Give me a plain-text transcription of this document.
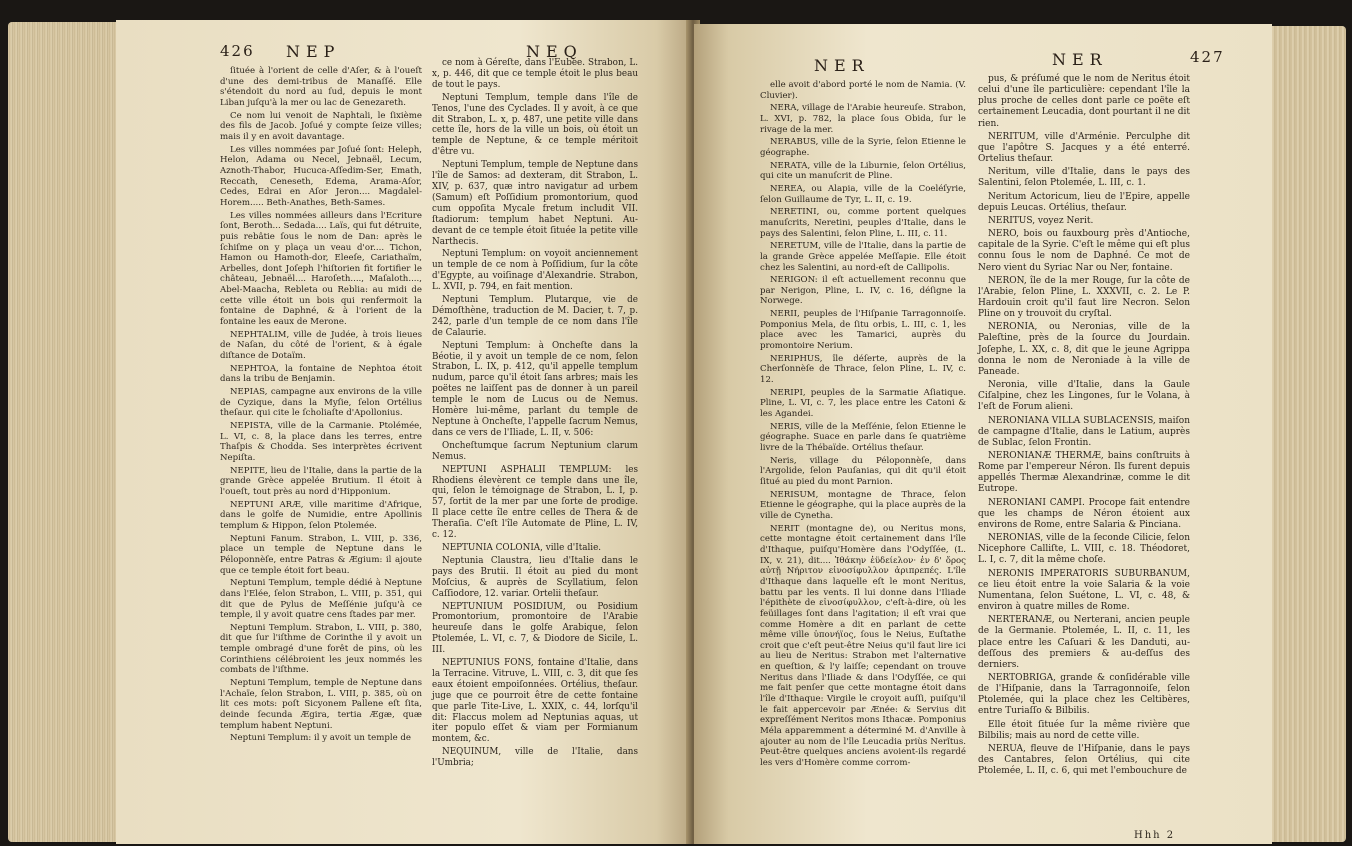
426 NEP	NEQ

ſituée à l'orient de celle d'Aſer, & à l'oueſt d'une des demi-tribus de Manaſſé. Elle s'étendoit du nord au ſud, depuis le mont Liban juſqu'à la mer ou lac de Genezareth.

Ce nom lui venoit de Naphtali, le ſixième des fils de Jacob. Joſué y compte ſeize villes; mais il y en avoit davantage.

Les villes nommées par Joſué ſont: Heleph, Helon, Adama ou Necel, Jebnaël, Lecum, Aznoth-Thabor, Hucuca-Aſſedim-Ser, Emath, Reccath, Ceneseth, Edema, Arama-Aſor, Cedes, Edrai en Aſor Jeron.... Magdalel-Horem..... Beth-Anathes, Beth-Sames.

Les villes nommées ailleurs dans l'Ecriture ſont, Beroth... Sedada.... Laïs, qui fut détruite, puis rebâtie ſous le nom de Dan: après le ſchiſme on y plaça un veau d'or.... Tichon, Hamon ou Hamoth-dor, Eleeſe, Cariathaïm, Arbelles, dont Joſeph l'hiſtorien fit fortifier le château, Jebnaël.... Haroſeth...., Maſaloth...., Abel-Maacha, Rebleta ou Reblia: au midi de cette ville étoit un bois qui renfermoit la fontaine de Daphné, & à l'orient de la fontaine les eaux de Merone.

NEPHTALIM, ville de Judée, à trois lieues de Naſan, du côté de l'orient, & à égale diſtance de Dotaïm.

NEPHTOA, la fontaine de Nephtoa étoit dans la tribu de Benjamin.

NEPIAS, campagne aux environs de la ville de Cyzique, dans la Myſie, ſelon Ortélius theſaur. qui cite le ſcholiaſte d'Apollonius.

NEPISTA, ville de la Carmanie. Ptolémée, L. VI, c. 8, la place dans les terres, entre Thaſpis & Chodda. Ses interprètes écrivent Nepiſta.

NEPITE, lieu de l'Italie, dans la partie de la grande Grèce appelée Brutium. Il étoit à l'oueſt, tout près au nord d'Hipponium.

NEPTUNI ARÆ, ville maritime d'Afrique, dans le golfe de Numidie, entre Apollinis templum & Hippon, ſelon Ptolemée.

Neptuni Fanum. Strabon, L. VIII, p. 336, place un temple de Neptune dans le Péloponnèſe, entre Patras & Ægium: il ajoute que ce temple étoit fort beau.

Neptuni Templum, temple dédié à Neptune dans l'Elée, ſelon Strabon, L. VIII, p. 351, qui dit que de Pylus de Meſſénie juſqu'à ce temple, il y avoit quatre cens ſtades par mer.

Neptuni Templum. Strabon, L. VIII, p. 380, dit que ſur l'iſthme de Corinthe il y avoit un temple ombragé d'une forêt de pins, où les Corinthiens célébroient les jeux nommés les combats de l'iſthme.

Neptuni Templum, temple de Neptune dans l'Achaïe, ſelon Strabon, L. VIII, p. 385, où on lit ces mots: poſt Sicyonem Pallene eſt ſita, deinde ſecunda Ægira, tertia Ægæ, quæ templum habent Neptuni.

Neptuni Templum: il y avoit un temple de

ce nom à Géreſte, dans l'Eubée. Strabon, L. x, p. 446, dit que ce temple étoit le plus beau de tout le pays.

Neptuni Templum, temple dans l'île de Tenos, l'une des Cyclades. Il y avoit, à ce que dit Strabon, L. x, p. 487, une petite ville dans cette île, hors de la ville un bois, où étoit un temple de Neptune, & ce temple méritoit d'être vu.

Neptuni Templum, temple de Neptune dans l'île de Samos: ad dexteram, dit Strabon, L. XIV, p. 637, quæ intro navigatur ad urbem (Samum) eſt Poſſidium promontorium, quod cum oppoſita Mycale fretum includit VII. ſtadiorum: templum habet Neptuni. Au-devant de ce temple étoit ſituée la petite ville Narthecis.

Neptuni Templum: on voyoit anciennement un temple de ce nom à Poſſidium, ſur la côte d'Egypte, au voiſinage d'Alexandrie. Strabon, L. XVII, p. 794, en fait mention.

Neptuni Templum. Plutarque, vie de Démoſthène, traduction de M. Dacier, t. 7, p. 242, parle d'un temple de ce nom dans l'île de Calaurie.

Neptuni Templum: à Oncheſte dans la Béotie, il y avoit un temple de ce nom, ſelon Strabon, L. IX, p. 412, qu'il appelle templum nudum, parce qu'il étoit ſans arbres; mais les poëtes ne laiſſent pas de donner à un pareil temple le nom de Lucus ou de Nemus. Homère lui-même, parlant du temple de Neptune à Oncheſte, l'appelle ſacrum Nemus, dans ce vers de l'Iliade, L. II, v. 506:

Oncheſtumque ſacrum Neptunium clarum Nemus.

NEPTUNI ASPHALII TEMPLUM: les Rhodiens élevèrent ce temple dans une île, qui, ſelon le témoignage de Strabon, L. I, p. 57, ſortit de la mer par une ſorte de prodige. Il place cette île entre celles de Thera & de Theraſia. C'eſt l'île Automate de Pline, L. IV, c. 12.

NEPTUNIA COLONIA, ville d'Italie.

Neptunia Claustra, lieu d'Italie dans le pays des Brutii. Il étoit au pied du mont Moſcius, & auprès de Scyllatium, ſelon Caſſiodore, 12. variar. Ortelii theſaur.

NEPTUNIUM POSIDIUM, ou Posidium Promontorium, promontoire de l'Arabie heureuſe dans le golfe Arabique, ſelon Ptolemée, L. VI, c. 7, & Diodore de Sicile, L. III.

NEPTUNIUS FONS, fontaine d'Italie, dans la Terracine. Vitruve, L. VIII, c. 3, dit que ſes eaux étoient empoiſonnées. Ortélius, theſaur. juge que ce pourroit être de cette fontaine que parle Tite-Live, L. XXIX, c. 44, lorſqu'il dit: Flaccus molem ad Neptunias aquas, ut iter populo eſſet & viam per Formianum montem, &c.

NEQUINUM, ville de l'Italie, dans l'Umbria;

NER	NER	427

elle avoit d'abord porté le nom de Namia. (V. Cluvier).

NERA, village de l'Arabie heureuſe. Strabon, L. XVI, p. 782, la place ſous Obida, ſur le rivage de la mer.

NERABUS, ville de la Syrie, ſelon Etienne le géographe.

NERATA, ville de la Liburnie, ſelon Ortélius, qui cite un manuſcrit de Pline.

NEREA, ou Alapia, ville de la Coeléſyrie, ſelon Guillaume de Tyr, L. II, c. 19.

NERETINI, ou, comme portent quelques manuſcrits, Neretini, peuples d'Italie, dans le pays des Salentini, ſelon Pline, L. III, c. 11.

NERETUM, ville de l'Italie, dans la partie de la grande Grèce appelée Meſſapie. Elle étoit chez les Salentini, au nord-eſt de Callipolis.

NERIGON: il eſt actuellement reconnu que par Nerigon, Pline, L. IV, c. 16, déſigne la Norwege.

NERII, peuples de l'Hiſpanie Tarragonnoiſe. Pomponius Mela, de ſitu orbis, L. III, c. 1, les place avec les Tamarici, auprès du promontoire Nerium.

NERIPHUS, île déſerte, auprès de la Cherſonnèſe de Thrace, ſelon Pline, L. IV, c. 12.

NERIPI, peuples de la Sarmatie Aſiatique. Pline, L. VI, c. 7, les place entre les Catoni & les Agandei.

NERIS, ville de la Meſſénie, ſelon Etienne le géographe. Suace en parle dans ſe quatrième livre de la Thébaïde. Ortélius theſaur.

Neris, village du Péloponnèſe, dans l'Argolide, ſelon Pauſanias, qui dit qu'il étoit ſitué au pied du mont Parnion.

NERISUM, montagne de Thrace, ſelon Etienne le géographe, qui la place auprès de la ville de Cynetha.

NERIT (montagne de), ou Neritus mons, cette montagne étoit certainement dans l'île d'Ithaque, puiſqu'Homère dans l'Odyſſée, (L. IX, v. 21), dit.... Ἰθάκην ἐϋδείελον· ἐν δ' ὄρος αὐτῇ Νήριτον εἰνοσίφυλλον ἀριπρεπές. L'île d'Ithaque dans laquelle eſt le mont Neritus, battu par les vents. Il lui donne dans l'Iliade l'épithète de εἰνοσίφυλλον, c'eſt-à-dire, où les feüillages ſont dans l'agitation; il eſt vrai que comme Homère a dit en parlant de cette même ville ὑπονήϊος, ſous le Neius, Euſtathe croit que c'eſt peut-être Neius qu'il faut lire ici au lieu de Neritus: Strabon met l'alternative en queſtion, & l'y laiſſe; cependant on trouve Neritus dans l'Iliade & dans l'Odyſſée, ce qui me fait penſer que cette montagne étoit dans l'île d'Ithaque: Virgile le croyoit auſſi, puiſqu'il le fait appercevoir par Ænée: & Servius dit expreſſément Neritos mons Ithacæ. Pomponius Méla apparemment a déterminé M. d'Anville à ajouter au nom de l'île Leucadia priùs Nerĭtus. Peut-être quelques anciens avoient-ils regardé les vers d'Homère comme corrom-

pus, & préſumé que le nom de Neritus étoit celui d'une île particulière: cependant l'île la plus proche de celles dont parle ce poëte eſt certainement Leucadia, dont pourtant il ne dit rien.

NERITUM, ville d'Arménie. Perculphe dit que l'apôtre S. Jacques y a été enterré. Ortelius theſaur.

Neritum, ville d'Italie, dans le pays des Salentini, ſelon Ptolemée, L. III, c. 1.

Neritum Actoricum, lieu de l'Epire, appelle depuis Leucas. Ortélius, theſaur.

NERITUS, voyez Nerit.

NERO, bois ou fauxbourg près d'Antioche, capitale de la Syrie. C'eſt le même qui eſt plus connu ſous le nom de Daphné. Ce mot de Nero vient du Syriac Nar ou Ner, fontaine.

NERON, île de la mer Rouge, ſur la côte de l'Arabie, ſelon Pline, L. XXXVII, c. 2. Le P. Hardouin croit qu'il faut lire Necron. Selon Pline on y trouvoit du cryſtal.

NERONIA, ou Neronias, ville de la Paleſtine, près de la ſource du Jourdain. Joſephe, L. XX, c. 8, dit que le jeune Agrippa donna le nom de Neroniade à la ville de Paneade.

Neronia, ville d'Italie, dans la Gaule Ciſalpine, chez les Lingones, ſur le Volana, à l'eſt de Forum alieni.

NERONIANA VILLA SUBLACENSIS, maiſon de campagne d'Italie, dans le Latium, auprès de Sublac, ſelon Frontin.

NERONIANÆ THERMÆ, bains conſtruits à Rome par l'empereur Néron. Ils furent depuis appellés Thermæ Alexandrinæ, comme le dit Eutrope.

NERONIANI CAMPI. Procope fait entendre que les champs de Néron étoient aux environs de Rome, entre Salaria & Pinciana.

NERONIAS, ville de la ſeconde Cilicie, ſelon Nicephore Calliſte, L. VIII, c. 18. Théodoret, L. I, c. 7, dit la même choſe.

NERONIS IMPERATORIS SUBURBANUM, ce lieu étoit entre la voie Salaria & la voie Numentana, ſelon Suétone, L. VI, c. 48, & environ à quatre milles de Rome.

NERTERANÆ, ou Nerterani, ancien peuple de la Germanie. Ptolemée, L. II, c. 11, les place entre les Caſuari & les Danduti, au-deſſous des premiers & au-deſſus des derniers.

NERTOBRIGA, grande & conſidérable ville de l'Hiſpanie, dans la Tarragonnoiſe, ſelon Ptolemée, qui la place chez les Celtibères, entre Turiaſſo & Bilbilis.

Elle étoit ſituée ſur la même rivière que Bilbilis; mais au nord de cette ville.

NERUA, fleuve de l'Hiſpanie, dans le pays des Cantabres, ſelon Ortélius, qui cite Ptolemée, L. II, c. 6, qui met l'embouchure de

Hhh 2
